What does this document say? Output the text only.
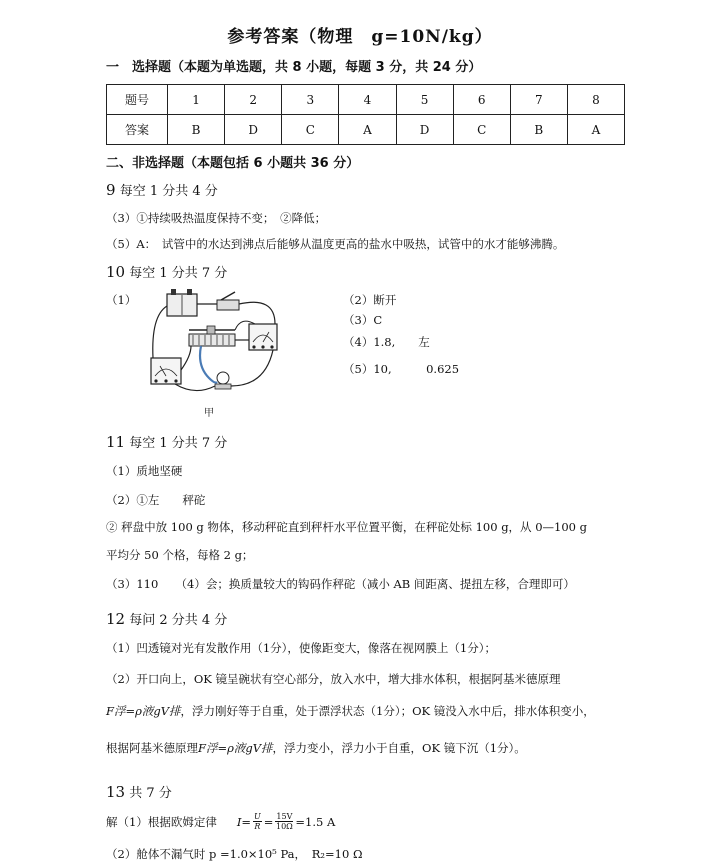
参考答案（物理　g=10N/kg）
一　选择题（本题为单选题，共 8 小题，每题 3 分，共 24 分）
题号	1	2	3	4	5	6	7	8
答案	B	D	C	A	D	C	B	A
二、非选择题（本题包括 6 小题共 36 分）
9 每空 1 分共 4 分
（3）①持续吸热温度保持不变；　②降低；
（5）A：　试管中的水达到沸点后能够从温度更高的盐水中吸热，试管中的水才能够沸腾。
10 每空 1 分共 7 分
（1）
甲
（2）断开
（3）C
（4）1.8,　　左
（5）10,　　　0.625
11 每空 1 分共 7 分
（1）质地坚硬
（2）①左　　秤砣
② 秤盘中放 100 g 物体，移动秤砣直到秤杆水平位置平衡，在秤砣处标 100 g，从 0—100 g
平均分 50 个格，每格 2 g；
（3）110　　（4）会；换质量较大的钩码作秤砣（减小 AB 间距离、提扭左移，合理即可）
12 每问 2 分共 4 分
（1）凹透镜对光有发散作用（1分），使像距变大，像落在视网膜上（1分）；
（2）开口向上，OK 镜呈碗状有空心部分，放入水中，增大排水体积，根据阿基米德原理
F浮=ρ液gV排，浮力刚好等于自重，处于漂浮状态（1分）；OK 镜没入水中后，排水体积变小，
根据阿基米德原理F浮=ρ液gV排，浮力变小，浮力小于自重，OK 镜下沉（1分）。
13 共 7 分
解（1）根据欧姆定律 $I= \frac{U}{R} = \frac{15V}{10\Omega} =1.5$ A
（2）舱体不漏气时 p =1.0×10⁵ Pa，　R₂=10 Ω
